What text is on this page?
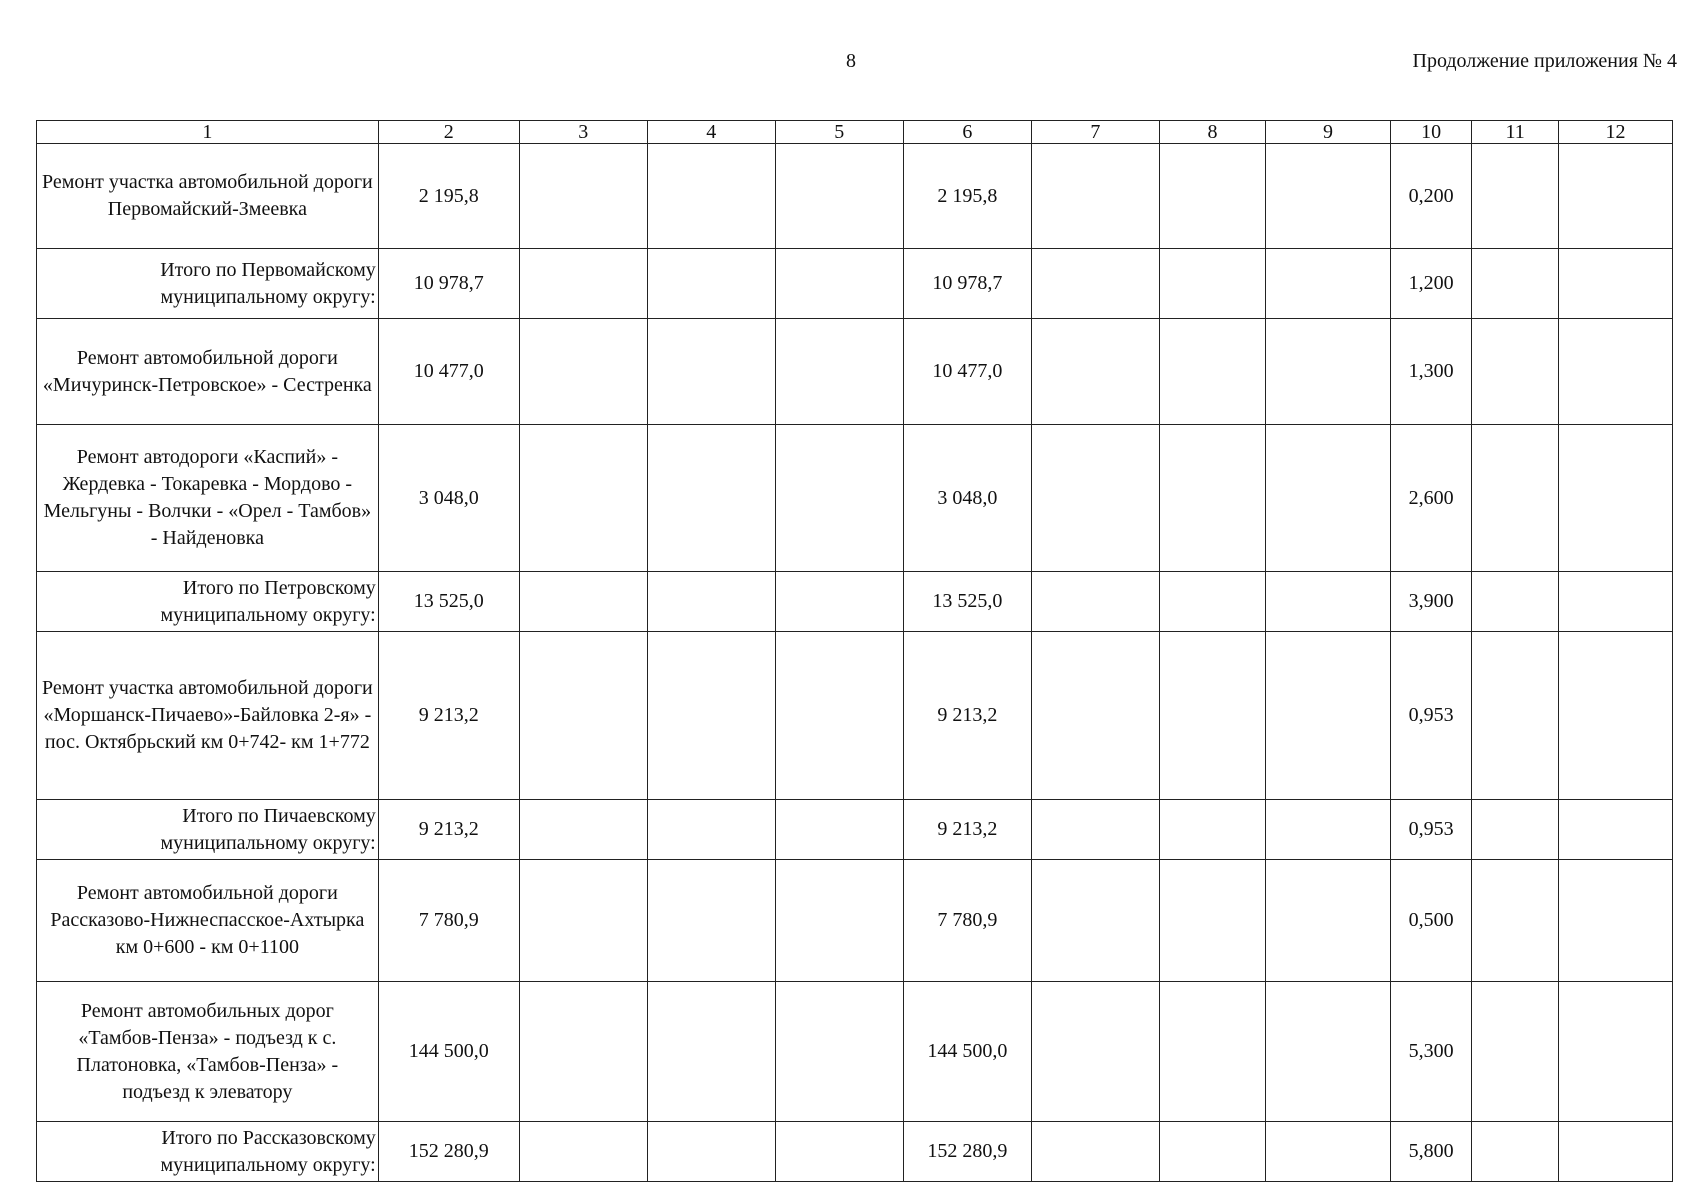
8	Продолжение приложения № 4
1	2	3	4	5	6	7	8	9	10	11	12
Ремонт участка автомобильной дороги Первомайский-Змеевка	2 195,8				2 195,8				0,200		
Итого по Первомайскому муниципальному округу:	10 978,7				10 978,7				1,200		
Ремонт автомобильной дороги «Мичуринск-Петровское» - Сестренка	10 477,0				10 477,0				1,300		
Ремонт автодороги «Каспий» - Жердевка - Токаревка - Мордово - Мельгуны - Волчки - «Орел - Тамбов» - Найденовка	3 048,0				3 048,0				2,600		
Итого по Петровскому муниципальному округу:	13 525,0				13 525,0				3,900		
Ремонт участка автомобильной дороги «Моршанск-Пичаево»-Байловка 2-я» - пос. Октябрьский км 0+742- км 1+772	9 213,2				9 213,2				0,953		
Итого по Пичаевскому муниципальному округу:	9 213,2				9 213,2				0,953		
Ремонт автомобильной дороги Рассказово-Нижнеспасское-Ахтырка км 0+600 - км 0+1100	7 780,9				7 780,9				0,500		
Ремонт автомобильных дорог «Тамбов-Пенза» - подъезд к с. Платоновка, «Тамбов-Пенза» - подъезд к элеватору	144 500,0				144 500,0				5,300		
Итого по Рассказовскому муниципальному округу:	152 280,9				152 280,9				5,800		
